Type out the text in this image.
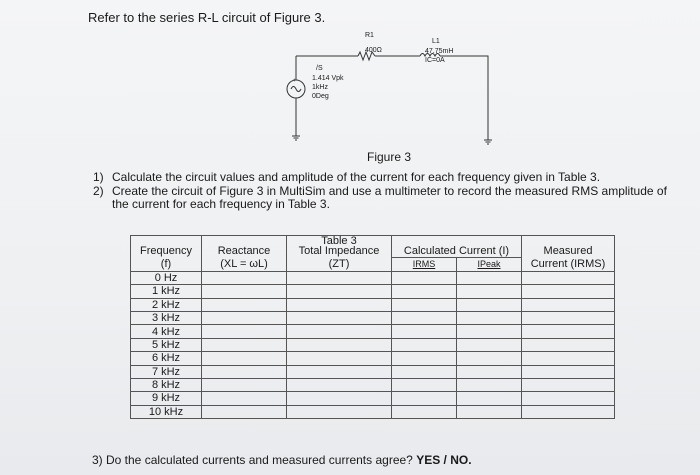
Refer to the series R-L circuit of Figure 3.
+
R1
400Ω
L1
47.75mH
IC=0A
/S
1.414 Vpk
1kHz
0Deg
Figure 3
1) Calculate the circuit values and amplitude of the current for each frequency given in Table 3.
2) Create the circuit of Figure 3 in MultiSim and use a multimeter to record the measured RMS amplitude of
the current for each frequency in Table 3.
Frequency	Reactance	Table 3
Total Impedance	Calculated Current (I)		Measured
(f)	(XL = ωL)	(ZT)	IRMS	IPeak	Current (IRMS)
0 Hz					
1 kHz					
2 kHz					
3 kHz					
4 kHz					
5 kHz					
6 kHz					
7 kHz					
8 kHz					
9 kHz					
10 kHz					
3) Do the calculated currents and measured currents agree? YES / NO.
